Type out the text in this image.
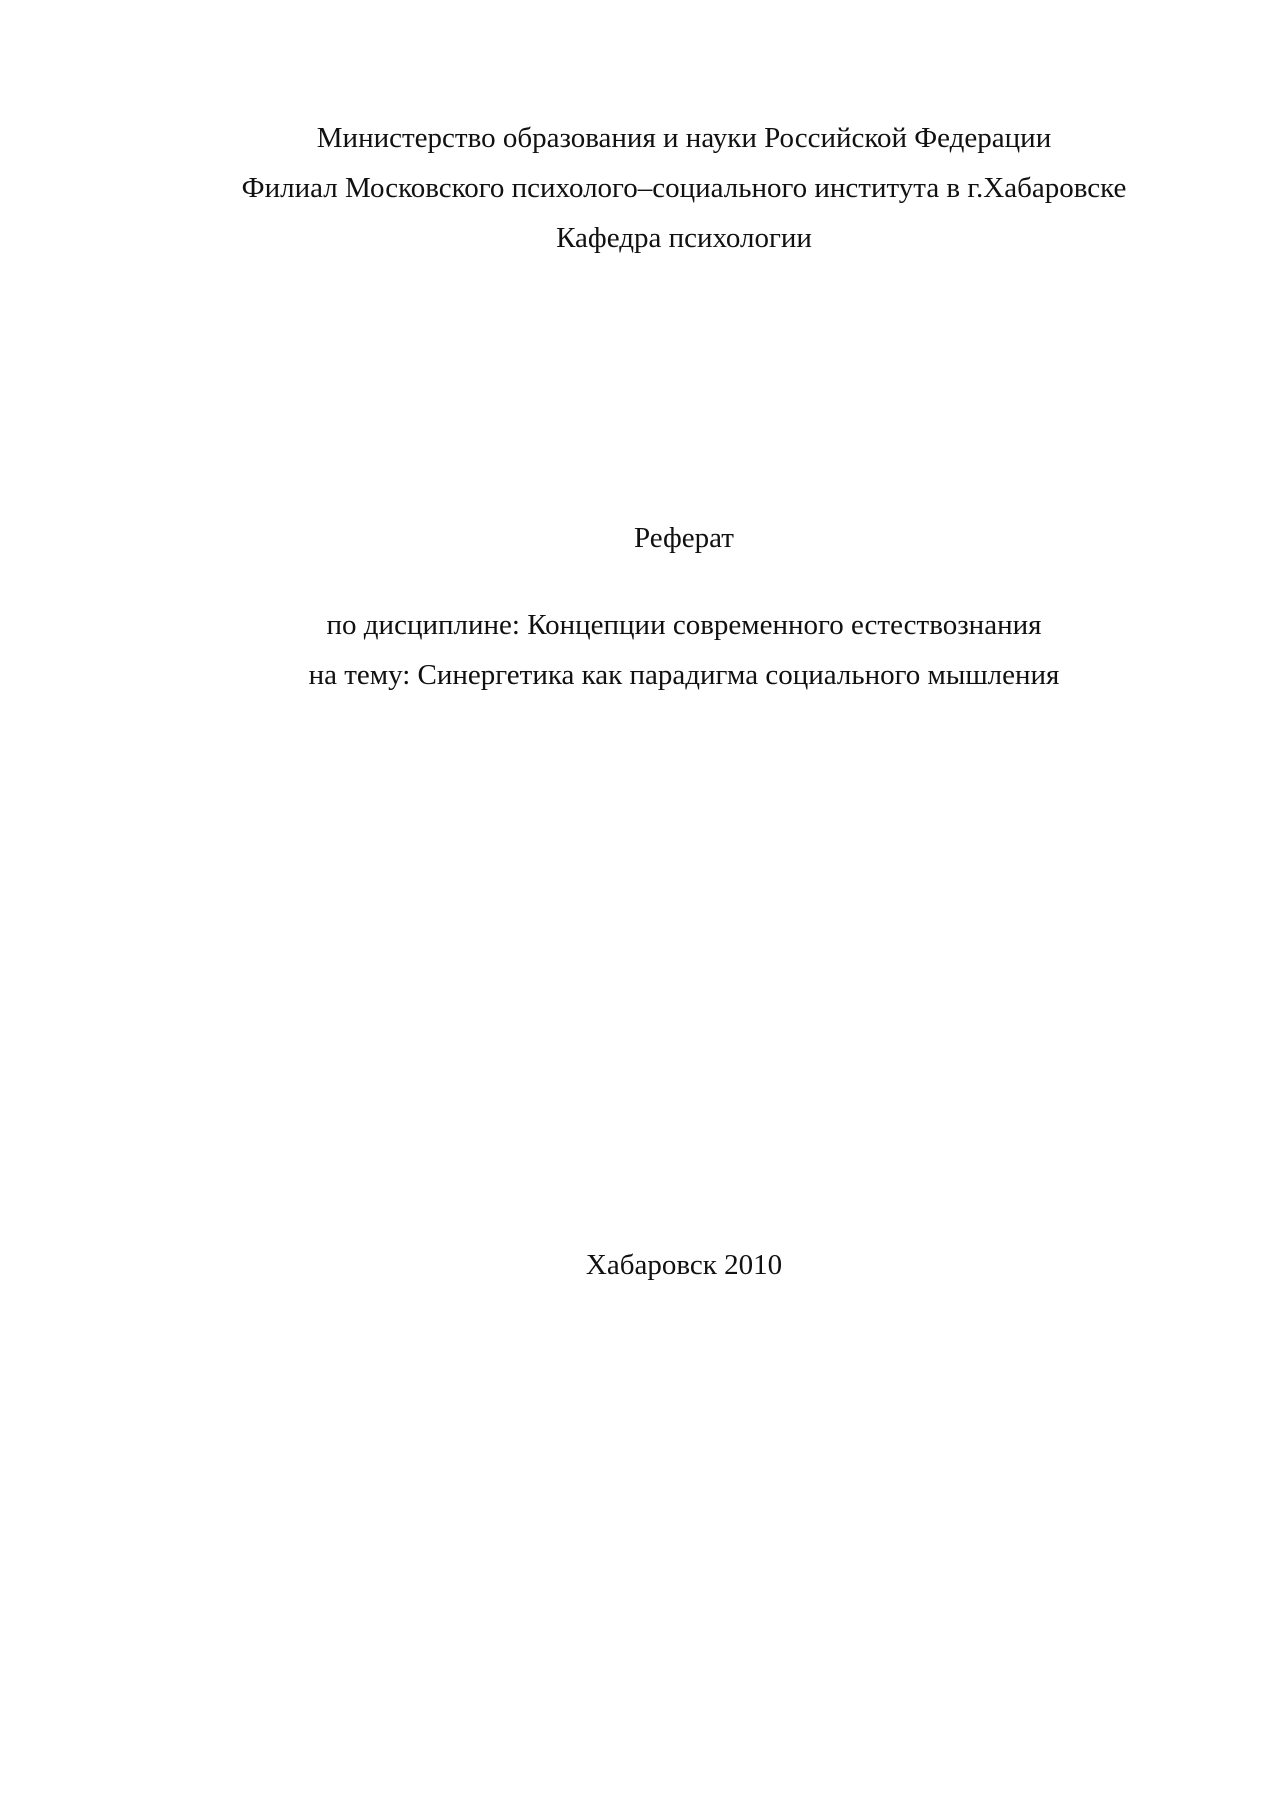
Министерство образования и науки Российской Федерации

Филиал Московского психолого–социального института в г.Хабаровске

Кафедра психологии

Реферат

по дисциплине: Концепции современного естествознания

на тему: Синергетика как парадигма социального мышления

Хабаровск 2010
